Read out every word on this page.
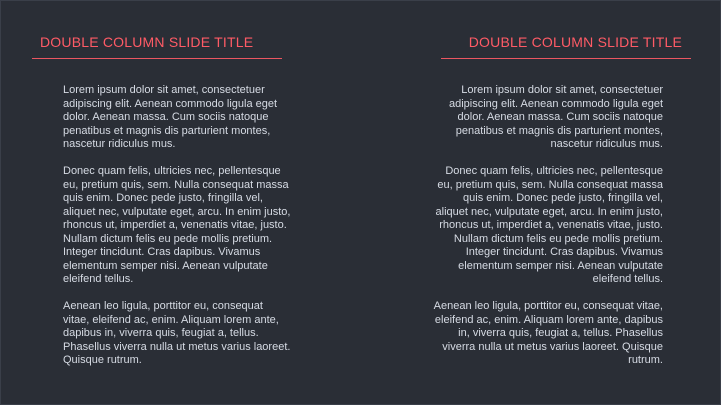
DOUBLE COLUMN SLIDE TITLE	DOUBLE COLUMN SLIDE TITLE

Lorem ipsum dolor sit amet, consectetuer
adipiscing elit. Aenean commodo ligula eget
dolor. Aenean massa. Cum sociis natoque
penatibus et magnis dis parturient montes,
nascetur ridiculus mus.

Donec quam felis, ultricies nec, pellentesque
eu, pretium quis, sem. Nulla consequat massa
quis enim. Donec pede justo, fringilla vel,
aliquet nec, vulputate eget, arcu. In enim justo,
rhoncus ut, imperdiet a, venenatis vitae, justo.
Nullam dictum felis eu pede mollis pretium.
Integer tincidunt. Cras dapibus. Vivamus
elementum semper nisi. Aenean vulputate
eleifend tellus.

Aenean leo ligula, porttitor eu, consequat
vitae, eleifend ac, enim. Aliquam lorem ante,
dapibus in, viverra quis, feugiat a, tellus.
Phasellus viverra nulla ut metus varius laoreet.
Quisque rutrum.

Lorem ipsum dolor sit amet, consectetuer
adipiscing elit. Aenean commodo ligula eget
dolor. Aenean massa. Cum sociis natoque
penatibus et magnis dis parturient montes,
nascetur ridiculus mus.

Donec quam felis, ultricies nec, pellentesque
eu, pretium quis, sem. Nulla consequat massa
quis enim. Donec pede justo, fringilla vel,
aliquet nec, vulputate eget, arcu. In enim justo,
rhoncus ut, imperdiet a, venenatis vitae, justo.
Nullam dictum felis eu pede mollis pretium.
Integer tincidunt. Cras dapibus. Vivamus
elementum semper nisi. Aenean vulputate
eleifend tellus.

Aenean leo ligula, porttitor eu, consequat vitae,
eleifend ac, enim. Aliquam lorem ante, dapibus
in, viverra quis, feugiat a, tellus. Phasellus
viverra nulla ut metus varius laoreet. Quisque
rutrum.
